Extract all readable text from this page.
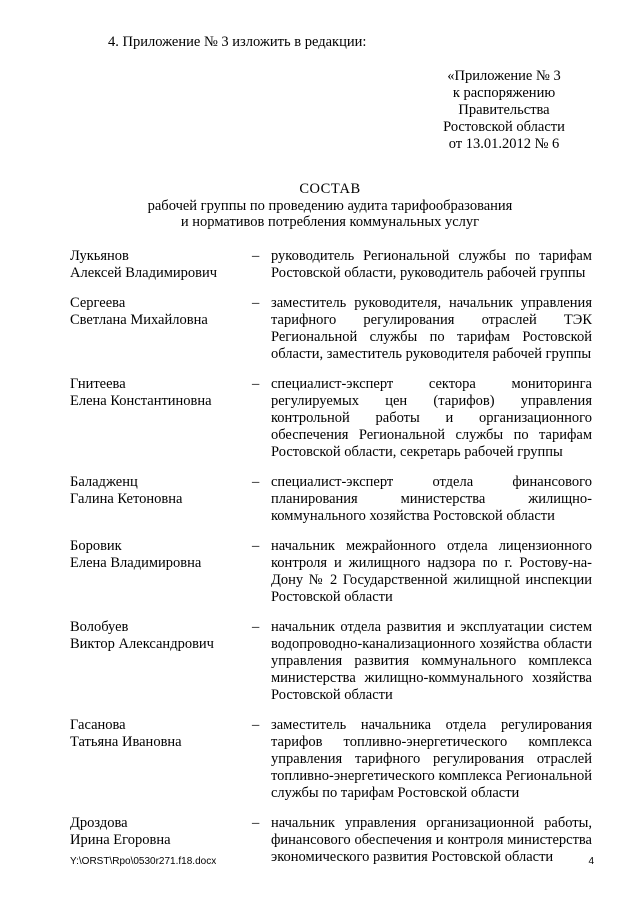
4. Приложение № 3 изложить в редакции:
«Приложение № 3
к распоряжению
Правительства
Ростовской области
от 13.01.2012 № 6
СОСТАВ
рабочей группы по проведению аудита тарифообразования
и нормативов потребления коммунальных услуг
Лукьянов
Алексей Владимирович
– руководитель Региональной службы по тарифам Ростовской области, руководитель рабочей группы
Сергеева
Светлана Михайловна
– заместитель руководителя, начальник управления тарифного регулирования отраслей ТЭК Региональной службы по тарифам Ростовской области, заместитель руководителя рабочей группы
Гнитеева
Елена Константиновна
– специалист-эксперт сектора мониторинга регулируемых цен (тарифов) управления контрольной работы и организационного обеспечения Региональной службы по тарифам Ростовской области, секретарь рабочей группы
Баладженц
Галина Кетоновна
– специалист-эксперт отдела финансового планирования министерства жилищно-коммунального хозяйства Ростовской области
Боровик
Елена Владимировна
– начальник межрайонного отдела лицензионного контроля и жилищного надзора по г. Ростову-на-Дону № 2 Государственной жилищной инспекции Ростовской области
Волобуев
Виктор Александрович
– начальник отдела развития и эксплуатации систем водопроводно-канализационного хозяйства области управления развития коммунального комплекса министерства жилищно-коммунального хозяйства Ростовской области
Гасанова
Татьяна Ивановна
– заместитель начальника отдела регулирования тарифов топливно-энергетического комплекса управления тарифного регулирования отраслей топливно-энергетического комплекса Региональной службы по тарифам Ростовской области
Дроздова
Ирина Егоровна
– начальник управления организационной работы, финансового обеспечения и контроля министерства экономического развития Ростовской области
Y:\ORST\Rpo\0530r271.f18.docx	4
